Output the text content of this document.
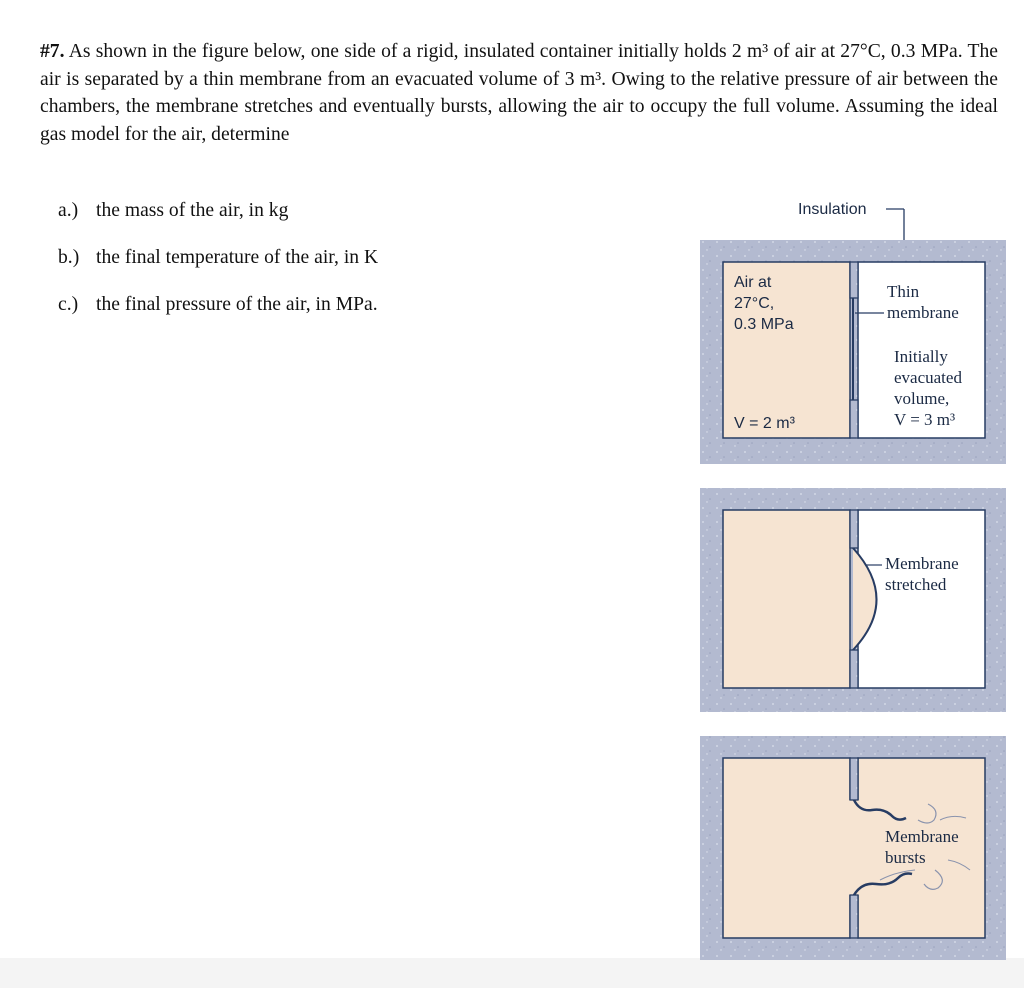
#7. As shown in the figure below, one side of a rigid, insulated container initially holds 2 m³ of air at 27°C, 0.3 MPa. The air is separated by a thin membrane from an evacuated volume of 3 m³. Owing to the relative pressure of air between the chambers, the membrane stretches and eventually bursts, allowing the air to occupy the full volume. Assuming the ideal gas model for the air, determine
a.) the mass of the air, in kg
b.) the final temperature of the air, in K
c.) the final pressure of the air, in MPa.
Insulation
Air at
27°C,
0.3 MPa
V = 2 m³
Thin
membrane
Initially
evacuated
volume,
V = 3 m³
Membrane
stretched
Membrane
bursts
